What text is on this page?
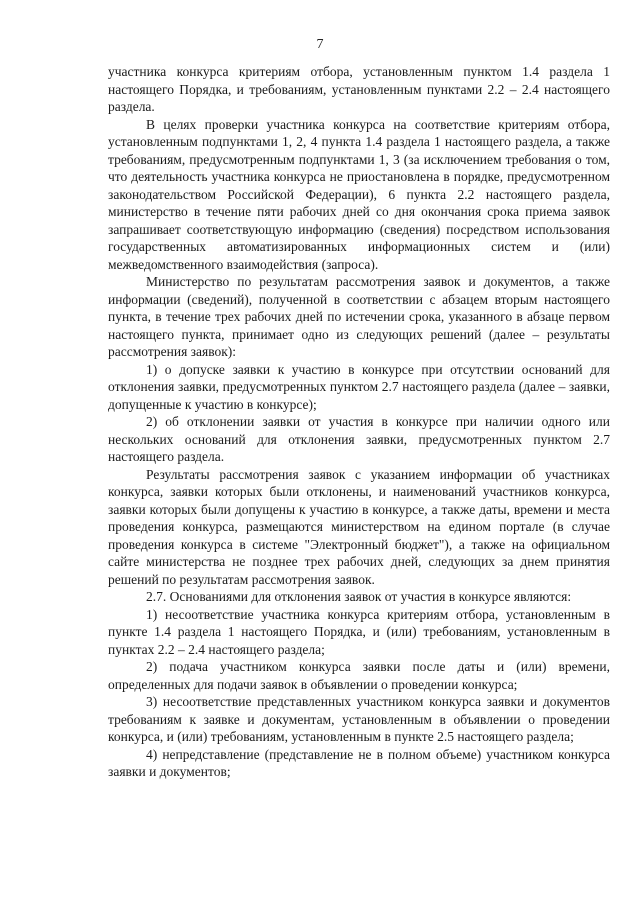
7

участника конкурса критериям отбора, установленным пунктом 1.4 раздела 1 настоящего Порядка, и требованиям, установленным пунктами 2.2 – 2.4 настоящего раздела.

В целях проверки участника конкурса на соответствие критериям отбора, установленным подпунктами 1, 2, 4 пункта 1.4 раздела 1 настоящего раздела, а также требованиям, предусмотренным подпунктами 1, 3 (за исключением требования о том, что деятельность участника конкурса не приостановлена в порядке, предусмотренном законодательством Российской Федерации), 6 пункта 2.2 настоящего раздела, министерство в течение пяти рабочих дней со дня окончания срока приема заявок запрашивает соответствующую информацию (сведения) посредством использования государственных автоматизированных информационных систем и (или) межведомственного взаимодействия (запроса).

Министерство по результатам рассмотрения заявок и документов, а также информации (сведений), полученной в соответствии с абзацем вторым настоящего пункта, в течение трех рабочих дней по истечении срока, указанного в абзаце первом настоящего пункта, принимает одно из следующих решений (далее – результаты рассмотрения заявок):

1) о допуске заявки к участию в конкурсе при отсутствии оснований для отклонения заявки, предусмотренных пунктом 2.7 настоящего раздела (далее – заявки, допущенные к участию в конкурсе);

2) об отклонении заявки от участия в конкурсе при наличии одного или нескольких оснований для отклонения заявки, предусмотренных пунктом 2.7 настоящего раздела.

Результаты рассмотрения заявок с указанием информации об участниках конкурса, заявки которых были отклонены, и наименований участников конкурса, заявки которых были допущены к участию в конкурсе, а также даты, времени и места проведения конкурса, размещаются министерством на едином портале (в случае проведения конкурса в системе "Электронный бюджет"), а также на официальном сайте министерства не позднее трех рабочих дней, следующих за днем принятия решений по результатам рассмотрения заявок.

2.7. Основаниями для отклонения заявок от участия в конкурсе являются:

1) несоответствие участника конкурса критериям отбора, установленным в пункте 1.4 раздела 1 настоящего Порядка, и (или) требованиям, установленным в пунктах 2.2 – 2.4 настоящего раздела;

2) подача участником конкурса заявки после даты и (или) времени, определенных для подачи заявок в объявлении о проведении конкурса;

3) несоответствие представленных участником конкурса заявки и документов требованиям к заявке и документам, установленным в объявлении о проведении конкурса, и (или) требованиям, установленным в пункте 2.5 настоящего раздела;

4) непредставление (представление не в полном объеме) участником конкурса заявки и документов;
